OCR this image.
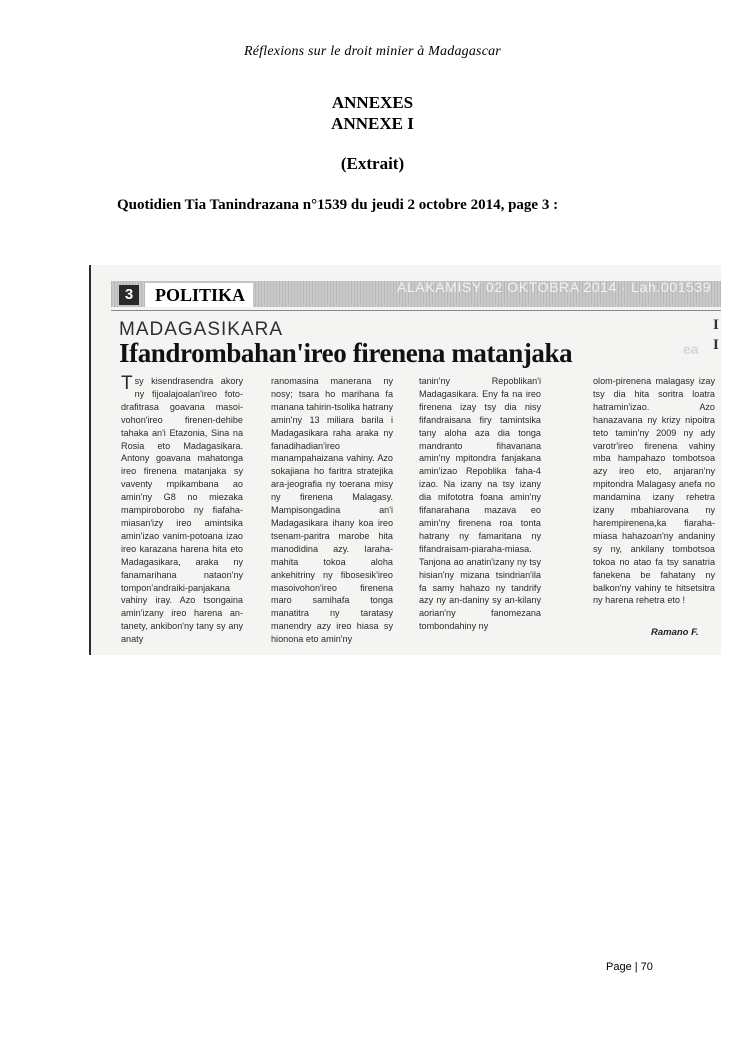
Réflexions sur le droit minier à Madagascar
ANNEXES
ANNEXE I
(Extrait)
Quotidien Tia Tanindrazana n°1539 du jeudi 2 octobre 2014, page 3 :
3	POLITIKA	ALAKAMISY 02 OKTOBRA 2014 · Lah.001539
MADAGASIKARA
Ifandrombahan'ireo firenena matanjaka	ea
I
I

Tsy kisendrasendra akory ny fijoalajoalan'ireo foto-drafitrasa goavana masoi-vohon'ireo firenen-dehibe tahaka an'i Etazonia, Sina na Rosia eto Madagasikara. Antony goavana mahatonga ireo firenena matanjaka sy vaventy mpikambana ao amin'ny G8 no miezaka mampiroborobo ny fiafaha-miasan'izy ireo amintsika amin'izao vanim-potoana izao ireo karazana harena hita eto Madagasikara, araka ny fanamarihana nataon'ny tompon'andraiki-panjakana vahiny iray. Azo tsongaina amin'izany ireo harena an-tanety, ankibon'ny tany sy any anaty

ranomasina manerana ny nosy; tsara ho marihana fa manana tahirin-tsolika hatrany amin'ny 13 miliara barila i Madagasikara raha araka ny fanadihadian'ireo manampahaizana vahiny. Azo sokajiana ho faritra stratejika ara-jeografia ny toerana misy ny firenena Malagasy. Mampisongadina an'i Madagasikara ihany koa ireo tsenam-paritra marobe hita manodidina azy. Iaraha-mahita tokoa aloha ankehitriny ny fibosesik'ireo masoivohon'ireo firenena maro samihafa tonga manatitra ny taratasy manendry azy ireo hiasa sy hionona eto amin'ny

tanin'ny Repoblikan'i Madagasikara. Eny fa na ireo firenena izay tsy dia nisy fifandraisana firy tamintsika tany aloha aza dia tonga mandranto fihavanana amin'ny mpitondra fanjakana amin'izao Repoblika faha-4 izao. Na izany na tsy izany dia mifototra foana amin'ny fifanarahana mazava eo amin'ny firenena roa tonta hatrany ny famaritana ny fifandraisam-piaraha-miasa. Tanjona ao anatin'izany ny tsy hisian'ny mizana tsindrian'ila fa samy hahazo ny tandrify azy ny an-daniny sy an-kilany aorian'ny fanomezana tombondahiny ny

olom-pirenena malagasy izay tsy dia hita soritra loatra hatramin'izao. Azo hanazavana ny krizy nipoitra teto tamin'ny 2009 ny ady varotr'ireo firenena vahiny mba hampahazo tombotsoa azy ireo eto, anjaran'ny mpitondra Malagasy anefa no mandamina izany rehetra izany mbahiarovana ny harempirenena,ka fiaraha-miasa hahazoan'ny andaniny sy ny, ankilany tombotsoa tokoa no atao fa tsy sanatria fanekena be fahatany ny balkon'ny vahiny te hitsetsitra ny harena rehetra eto !

Ramano F.
Page | 70
